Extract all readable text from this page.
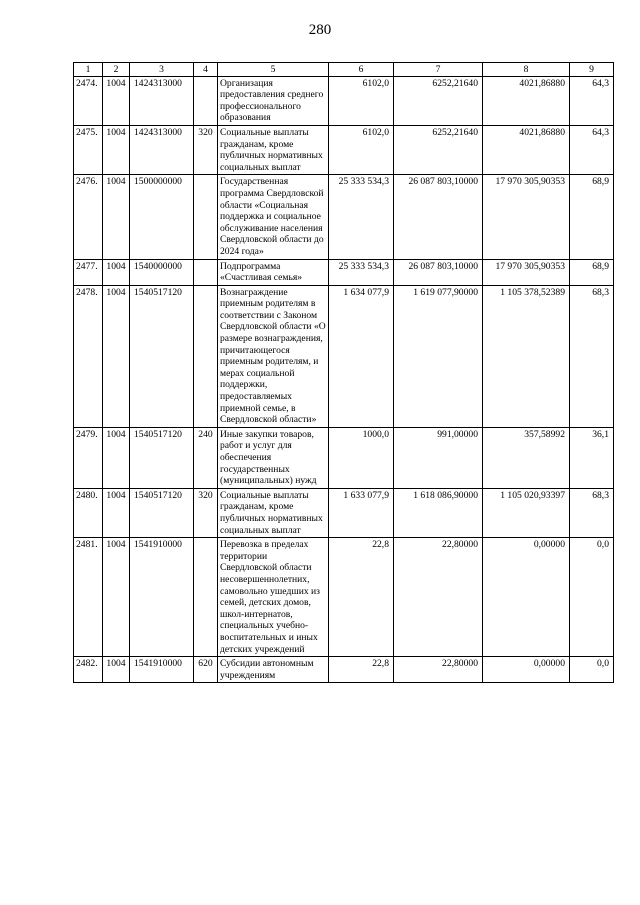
280
1	2	3	4	5	6	7	8	9
2474.	1004	1424313000		Организация предоставления среднего профессионального образования	6102,0	6252,21640	4021,86880	64,3
2475.	1004	1424313000	320	Социальные выплаты гражданам, кроме публичных нормативных социальных выплат	6102,0	6252,21640	4021,86880	64,3
2476.	1004	1500000000		Государственная программа Свердловской области «Социальная поддержка и социальное обслуживание населения Свердловской области до 2024 года»	25 333 534,3	26 087 803,10000	17 970 305,90353	68,9
2477.	1004	1540000000		Подпрограмма «Счастливая семья»	25 333 534,3	26 087 803,10000	17 970 305,90353	68,9
2478.	1004	1540517120		Вознаграждение приемным родителям в соответствии с Законом Свердловской области «О размере вознаграждения, причитающегося приемным родителям, и мерах социальной поддержки, предоставляемых приемной семье, в Свердловской области»	1 634 077,9	1 619 077,90000	1 105 378,52389	68,3
2479.	1004	1540517120	240	Иные закупки товаров, работ и услуг для обеспечения государственных (муниципальных) нужд	1000,0	991,00000	357,58992	36,1
2480.	1004	1540517120	320	Социальные выплаты гражданам, кроме публичных нормативных социальных выплат	1 633 077,9	1 618 086,90000	1 105 020,93397	68,3
2481.	1004	1541910000		Перевозка в пределах территории Свердловской области несовершеннолетних, самовольно ушедших из семей, детских домов, школ-интернатов, специальных учебно-воспитательных и иных детских учреждений	22,8	22,80000	0,00000	0,0
2482.	1004	1541910000	620	Субсидии автономным учреждениям	22,8	22,80000	0,00000	0,0
